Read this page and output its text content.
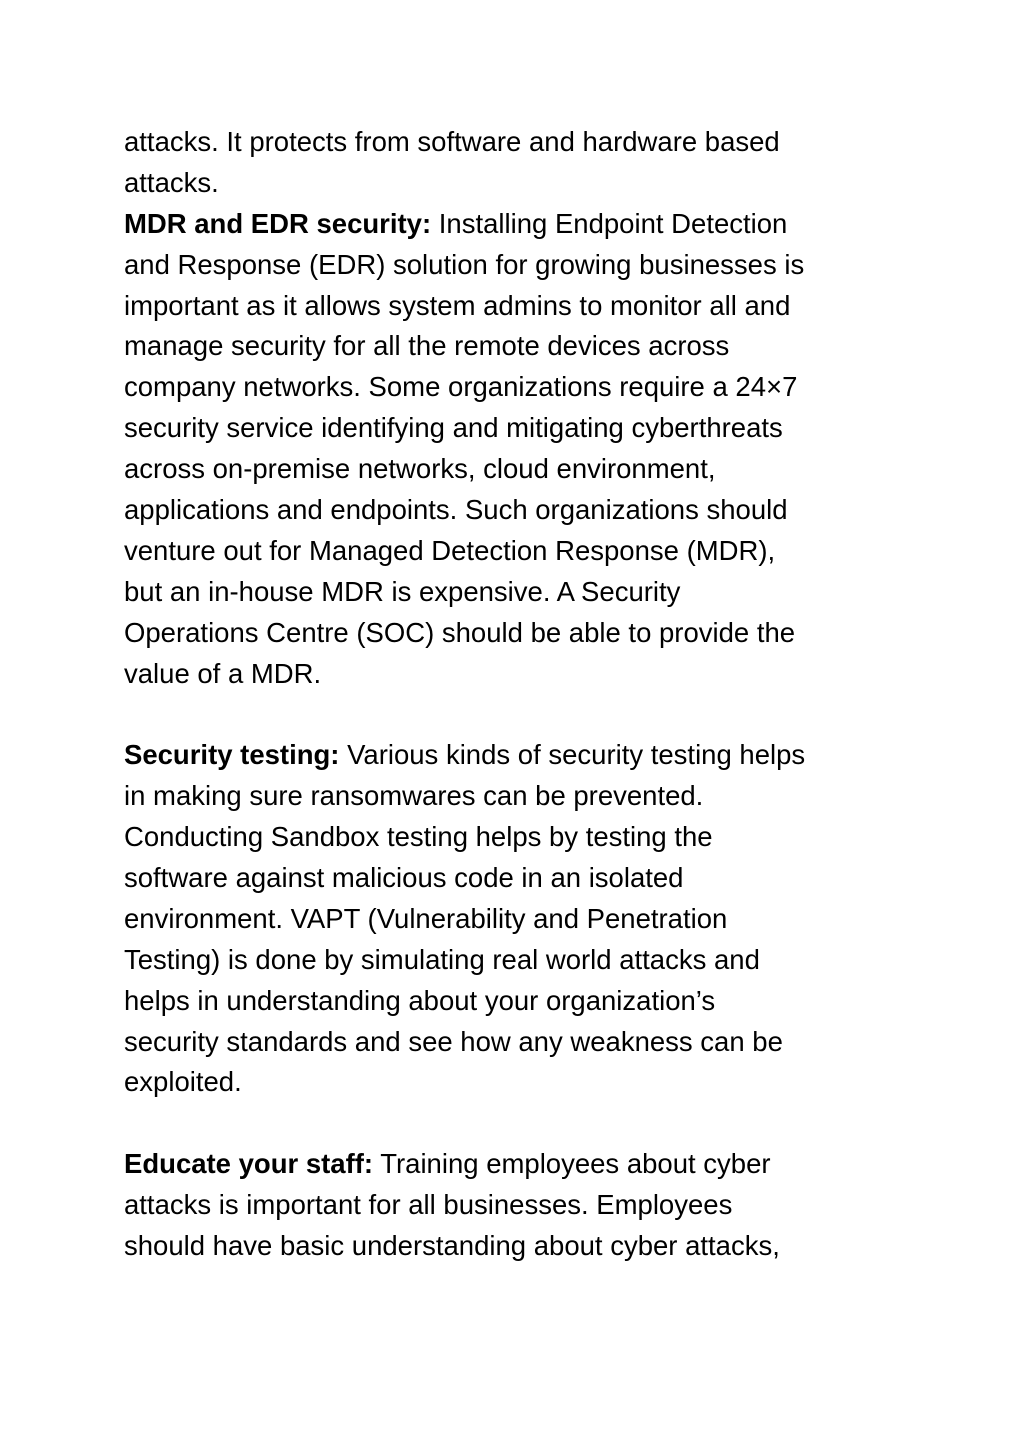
attacks. It protects from software and hardware based
attacks.
MDR and EDR security: Installing Endpoint Detection
and Response (EDR) solution for growing businesses is
important as it allows system admins to monitor all and
manage security for all the remote devices across
company networks. Some organizations require a 24×7
security service identifying and mitigating cyberthreats
across on-premise networks, cloud environment,
applications and endpoints. Such organizations should
venture out for Managed Detection Response (MDR),
but an in-house MDR is expensive. A Security
Operations Centre (SOC) should be able to provide the
value of a MDR.
Security testing: Various kinds of security testing helps
in making sure ransomwares can be prevented.
Conducting Sandbox testing helps by testing the
software against malicious code in an isolated
environment. VAPT (Vulnerability and Penetration
Testing) is done by simulating real world attacks and
helps in understanding about your organization’s
security standards and see how any weakness can be
exploited.
Educate your staff: Training employees about cyber
attacks is important for all businesses. Employees
should have basic understanding about cyber attacks,
